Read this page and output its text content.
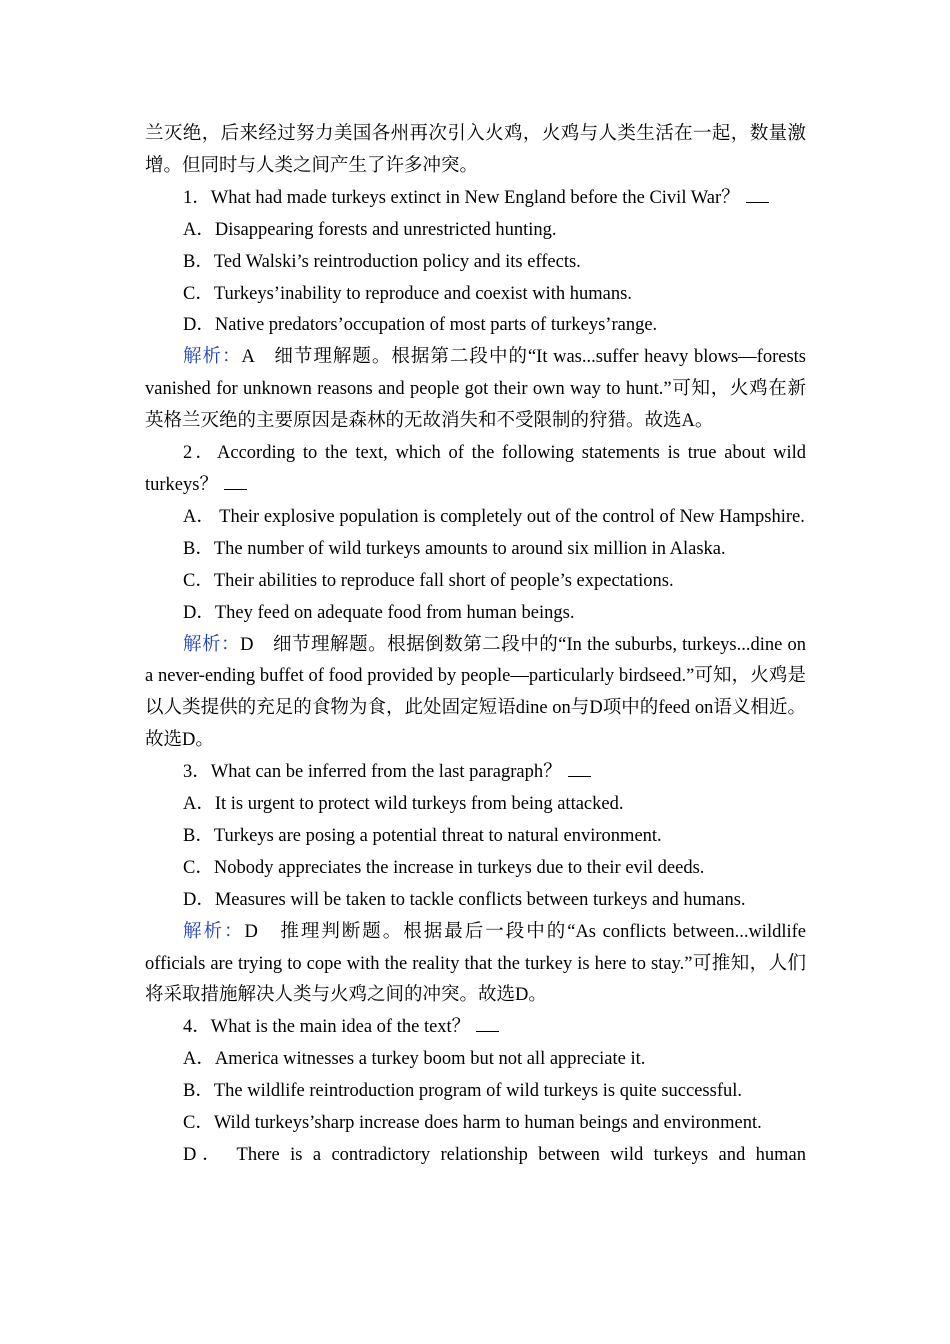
兰灭绝，后来经过努力美国各州再次引入火鸡，火鸡与人类生活在一起，数量激增。但同时与人类之间产生了许多冲突。

1．What had made turkeys extinct in New England before the Civil War？

A．Disappearing forests and unrestricted hunting.

B．Ted Walski’s reintroduction policy and its effects.

C．Turkeys’inability to reproduce and coexist with humans.

D．Native predators’occupation of most parts of turkeys’range.

解析：A　细节理解题。根据第二段中的“It was...suffer heavy blows—forests vanished for unknown reasons and people got their own way to hunt.”可知，火鸡在新英格兰灭绝的主要原因是森林的无故消失和不受限制的狩猎。故选A。

2．According to the text, which of the following statements is true about wild turkeys？

A． Their explosive population is completely out of the control of New Hampshire.

B．The number of wild turkeys amounts to around six million in Alaska.

C．Their abilities to reproduce fall short of people’s expectations.

D．They feed on adequate food from human beings.

解析：D　细节理解题。根据倒数第二段中的“In the suburbs, turkeys...dine on a never-ending buffet of food provided by people—particularly birdseed.”可知，火鸡是以人类提供的充足的食物为食，此处固定短语dine on与D项中的feed on语义相近。故选D。

3．What can be inferred from the last paragraph？

A．It is urgent to protect wild turkeys from being attacked.

B．Turkeys are posing a potential threat to natural environment.

C．Nobody appreciates the increase in turkeys due to their evil deeds.

D．Measures will be taken to tackle conflicts between turkeys and humans.

解析：D　推理判断题。根据最后一段中的“As conflicts between...wildlife officials are trying to cope with the reality that the turkey is here to stay.”可推知，人们将采取措施解决人类与火鸡之间的冲突。故选D。

4．What is the main idea of the text？

A．America witnesses a turkey boom but not all appreciate it.

B．The wildlife reintroduction program of wild turkeys is quite successful.

C．Wild turkeys’sharp increase does harm to human beings and environment.

D． There is a contradictory relationship between wild turkeys and human
